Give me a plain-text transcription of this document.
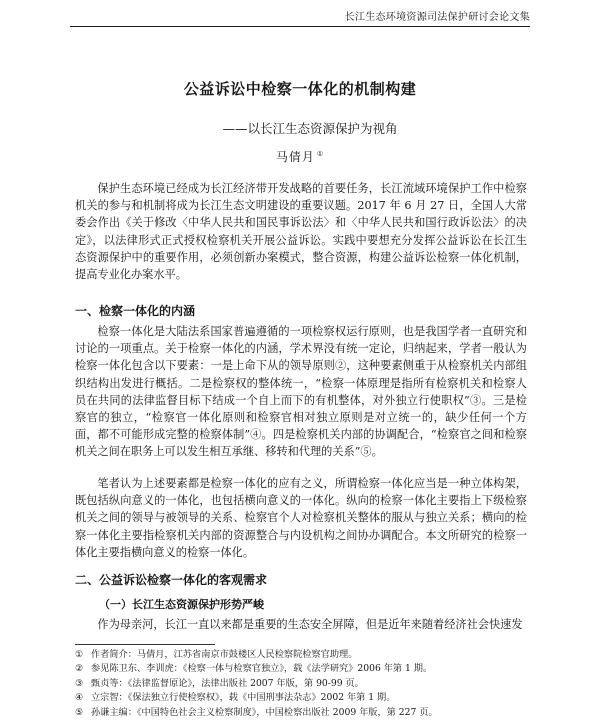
长江生态环境资源司法保护研讨会论文集
公益诉讼中检察一体化的机制构建
——以长江生态资源保护为视角
马倩月 ①

保护生态环境已经成为长江经济带开发战略的首要任务，长江流域环境保护工作中检察机关的参与和机制将成为长江生态文明建设的重要议题。2017 年 6 月 27 日，全国人大常委会作出《关于修改〈中华人民共和国民事诉讼法〉和〈中华人民共和国行政诉讼法〉的决定》，以法律形式正式授权检察机关开展公益诉讼。实践中要想充分发挥公益诉讼在长江生态资源保护中的重要作用，必须创新办案模式，整合资源，构建公益诉讼检察一体化机制，提高专业化办案水平。

一、检察一体化的内涵

检察一体化是大陆法系国家普遍遵循的一项检察权运行原则，也是我国学者一直研究和讨论的一项重点。关于检察一体化的内涵，学术界没有统一定论，归纳起来，学者一般认为检察一体化包含以下要素：一是上命下从的领导原则②，这种要素侧重于从检察机关内部组织结构出发进行概括。二是检察权的整体统一，“检察一体原理是指所有检察机关和检察人员在共同的法律监督目标下结成一个自上而下的有机整体，对外独立行使职权”③。三是检察官的独立，“检察官一体化原则和检察官相对独立原则是对立统一的，缺少任何一个方面，都不可能形成完整的检察体制”④。四是检察机关内部的协调配合，“检察官之间和检察机关之间在职务上可以发生相互承继、移转和代理的关系”⑤。

笔者认为上述要素都是检察一体化的应有之义，所谓检察一体化应当是一种立体构架，既包括纵向意义的一体化，也包括横向意义的一体化。纵向的检察一体化主要指上下级检察机关之间的领导与被领导的关系、检察官个人对检察机关整体的服从与独立关系；横向的检察一体化主要指检察机关内部的资源整合与内设机构之间协办调配合。本文所研究的检察一体化主要指横向意义的检察一体化。

二、公益诉讼检察一体化的客观需求
（一）长江生态资源保护形势严峻

作为母亲河，长江一直以来都是重要的生态安全屏障，但是近年来随着经济社会快速发

① 作者简介：马倩月，江苏省南京市鼓楼区人民检察院检察官助理。
② 参见陈卫东、李训虎：《检察一体与检察官独立》，载《法学研究》2006 年第 1 期。
③ 甄贞等：《法律监督原论》，法律出版社 2007 年版，第 90-99 页。
④ 立宗智：《保法独立行使检察权》，载《中国刑事法杂志》2002 年第 1 期。
⑤ 孙谦主编：《中国特色社会主义检察制度》，中国检察出版社 2009 年版，第 227 页。
